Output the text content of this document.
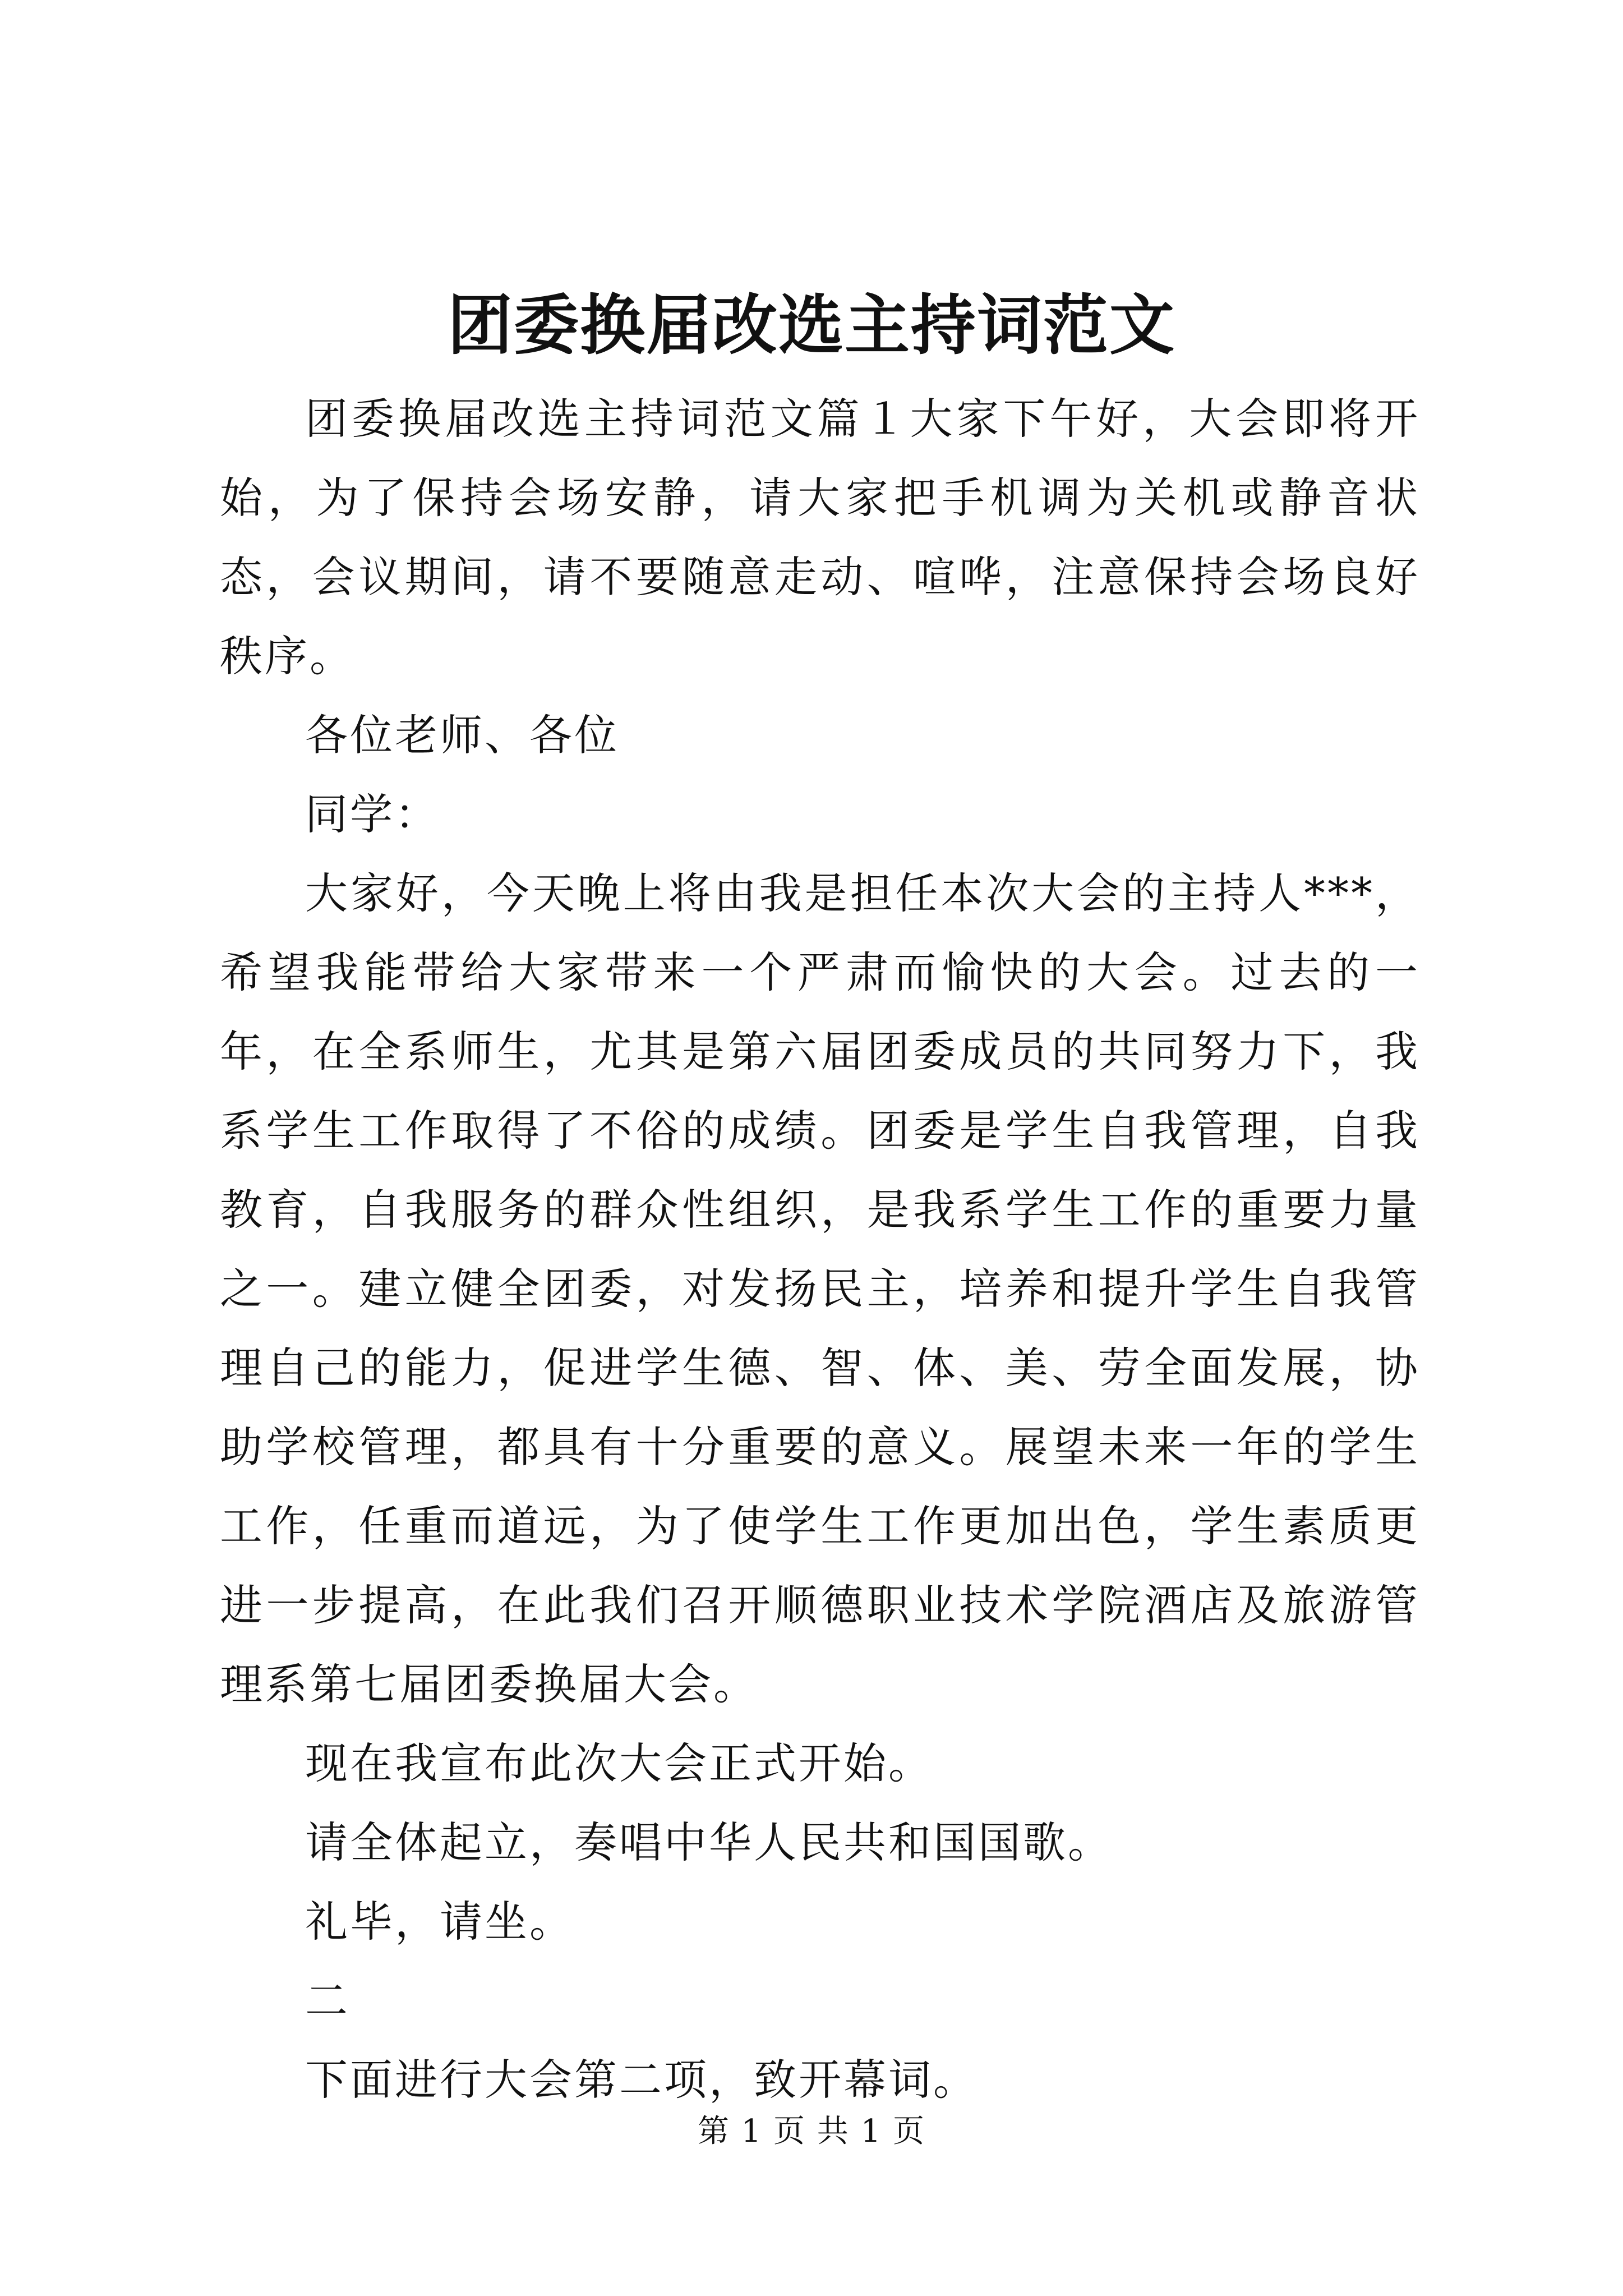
团委换届改选主持词范文

团委换届改选主持词范文篇１大家下午好，大会即将开始，为了保持会场安静，请大家把手机调为关机或静音状态，会议期间，请不要随意走动、喧哗，注意保持会场良好秩序。

各位老师、各位

同学：

大家好，今天晚上将由我是担任本次大会的主持人***，希望我能带给大家带来一个严肃而愉快的大会。过去的一年，在全系师生，尤其是第六届团委成员的共同努力下，我系学生工作取得了不俗的成绩。团委是学生自我管理，自我教育，自我服务的群众性组织，是我系学生工作的重要力量之一。建立健全团委，对发扬民主，培养和提升学生自我管理自己的能力，促进学生德、智、体、美、劳全面发展，协助学校管理，都具有十分重要的意义。展望未来一年的学生工作，任重而道远，为了使学生工作更加出色，学生素质更进一步提高，在此我们召开顺德职业技术学院酒店及旅游管理系第七届团委换届大会。

现在我宣布此次大会正式开始。

请全体起立，奏唱中华人民共和国国歌。

礼毕，请坐。

二

下面进行大会第二项，致开幕词。

第 1 页 共 1 页
